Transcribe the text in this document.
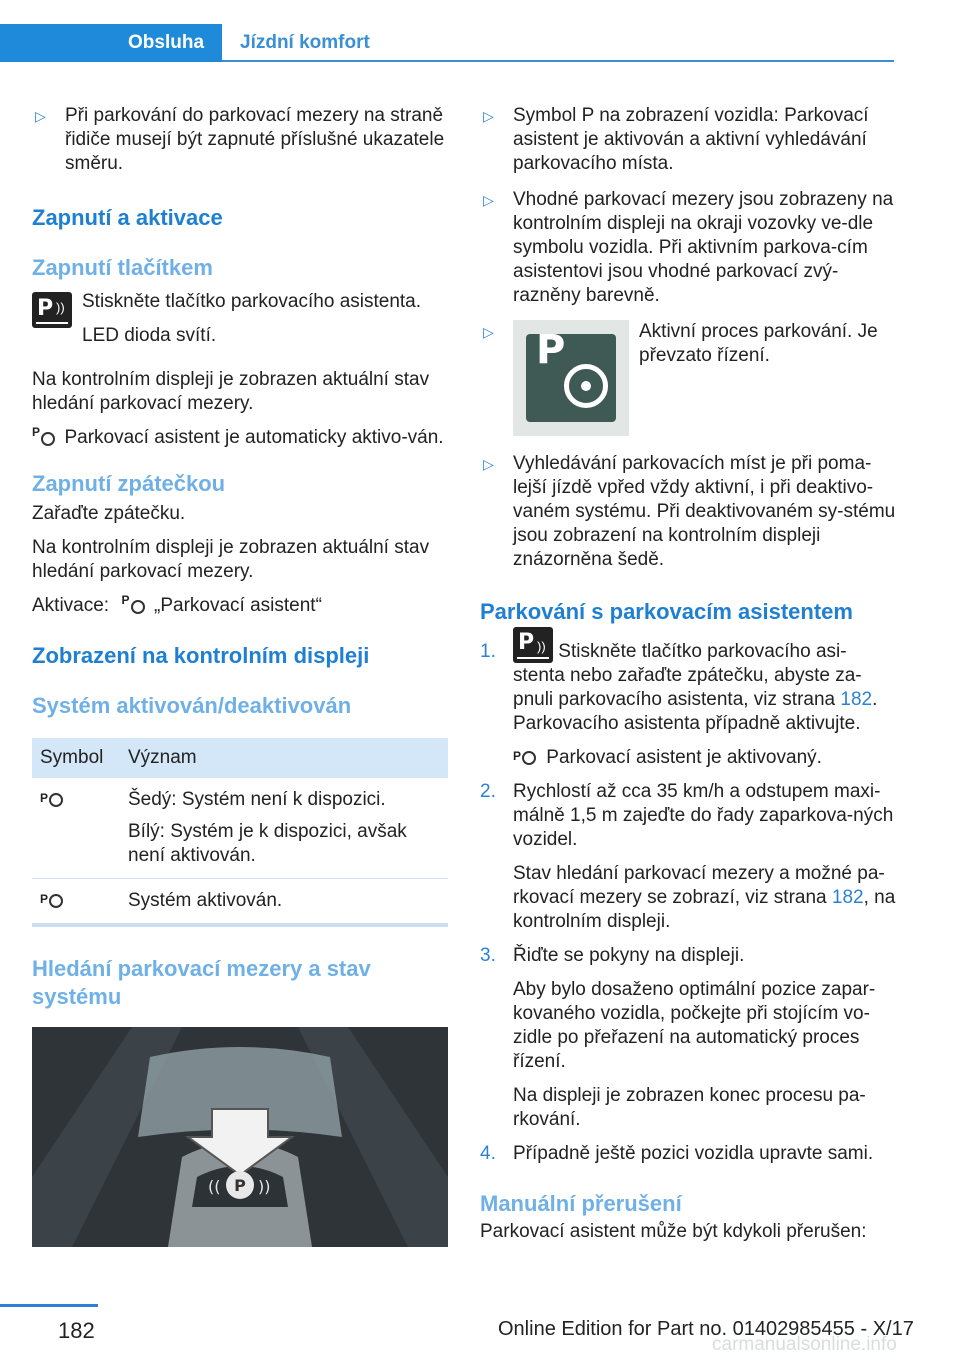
Obsluha	Jízdní komfort
▷ Při parkování do parkovací mezery na straně řidiče musejí být zapnuté příslušné ukazatele směru.
Zapnutí a aktivace
Zapnutí tlačítkem
P )) Stiskněte tlačítko parkovacího asistenta.

LED dioda svítí.

Na kontrolním displeji je zobrazen aktuální stav hledání parkovací mezery.

P Parkovací asistent je automaticky aktivo-ván.
Zapnutí zpátečkou

Zařaďte zpátečku.

Na kontrolním displeji je zobrazen aktuální stav hledání parkovací mezery.

Aktivace: P „Parkovací asistent“
Zobrazení na kontrolním displeji
Systém aktivován/deaktivován
Symbol	Význam

P	Šedý: Systém není k dispozici.
Bílý: Systém je k dispozici, avšak není aktivován.

P	Systém aktivován.
Hledání parkovací mezery a stav systému
P
(( ))
▷ Symbol P na zobrazení vozidla: Parkovací asistent je aktivován a aktivní vyhledávání parkovacího místa.
▷ Vhodné parkovací mezery jsou zobrazeny na kontrolním displeji na okraji vozovky ve-dle symbolu vozidla. Při aktivním parkova-cím asistentovi jsou vhodné parkovací zvý-razněny barevně.
▷ P	Aktivní proces parkování. Je převzato řízení.
▷ Vyhledávání parkovacích míst je při poma-lejší jízdě vpřed vždy aktivní, i při deaktivo-vaném systému. Při deaktivovaném sy-stému jsou zobrazení na kontrolním displeji znázorněna šedě.
Parkování s parkovacím asistentem
1. P )) Stiskněte tlačítko parkovacího asi-stenta nebo zařaďte zpátečku, abyste za-pnuli parkovacího asistenta, viz strana 182.
Parkovacího asistenta případně aktivujte.
P Parkovací asistent je aktivovaný.
2. Rychlostí až cca 35 km/h a odstupem maxi-málně 1,5 m zajeďte do řady zaparkova-ných vozidel.
Stav hledání parkovací mezery a možné pa-rkovací mezery se zobrazí, viz strana 182, na kontrolním displeji.
3. Řiďte se pokyny na displeji.
Aby bylo dosaženo optimální pozice zapar-kovaného vozidla, počkejte při stojícím vo-zidle po přeřazení na automatický proces řízení.
Na displeji je zobrazen konec procesu pa-rkování.
4. Případně ještě pozici vozidla upravte sami.
Manuální přerušení

Parkovací asistent může být kdykoli přerušen:

182	Online Edition for Part no. 01402985455 - X/17
carmanualsonline.info
